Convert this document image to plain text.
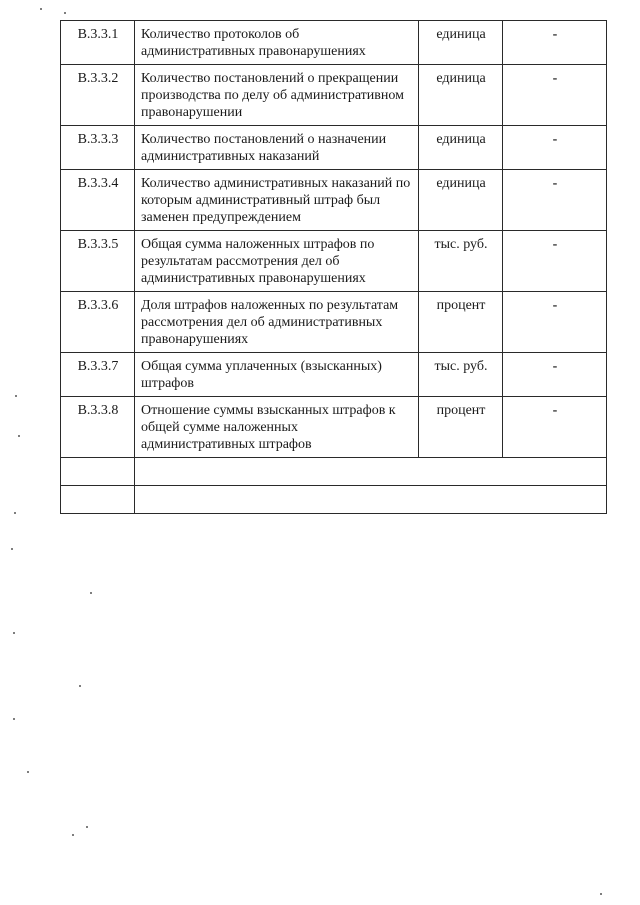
В.3.3.1	Количество протоколов об административных правонарушениях	единица	-
В.3.3.2	Количество постановлений о прекращении производства по делу об административном правонарушении	единица	-
В.3.3.3	Количество постановлений о назначении административных наказаний	единица	-
В.3.3.4	Количество административных наказаний по которым административный штраф был заменен предупреждением	единица	-
В.3.3.5	Общая сумма наложенных штрафов по результатам рассмотрения дел об административных правонарушениях	тыс. руб.	-
В.3.3.6	Доля штрафов наложенных по результатам рассмотрения дел об административных правонарушениях	процент	-
В.3.3.7	Общая сумма уплаченных (взысканных) штрафов	тыс. руб.	-
В.3.3.8	Отношение суммы взысканных штрафов к общей сумме наложенных административных штрафов	процент	-
